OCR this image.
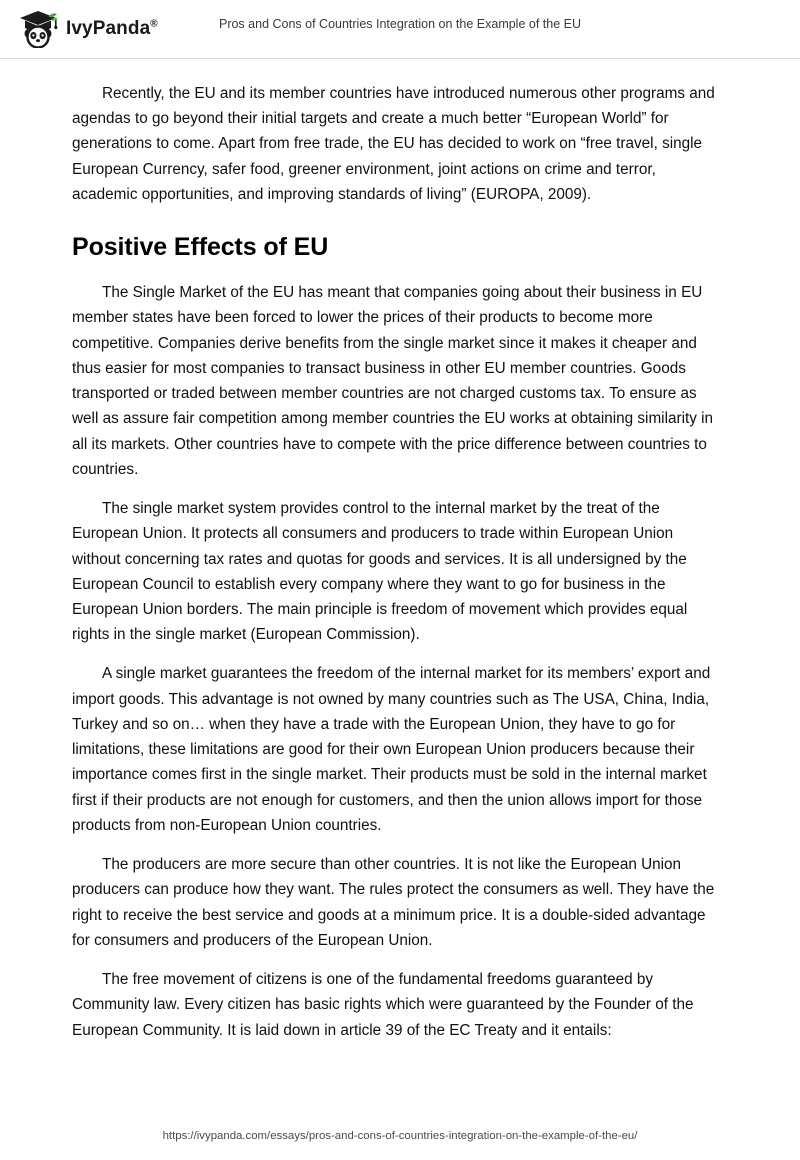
IvyPanda®	Pros and Cons of Countries Integration on the Example of the EU

Recently, the EU and its member countries have introduced numerous other programs and agendas to go beyond their initial targets and create a much better “European World” for generations to come. Apart from free trade, the EU has decided to work on “free travel, single European Currency, safer food, greener environment, joint actions on crime and terror, academic opportunities, and improving standards of living” (EUROPA, 2009).

Positive Effects of EU

The Single Market of the EU has meant that companies going about their business in EU member states have been forced to lower the prices of their products to become more competitive. Companies derive benefits from the single market since it makes it cheaper and thus easier for most companies to transact business in other EU member countries. Goods transported or traded between member countries are not charged customs tax. To ensure as well as assure fair competition among member countries the EU works at obtaining similarity in all its markets. Other countries have to compete with the price difference between countries to countries.

The single market system provides control to the internal market by the treat of the European Union. It protects all consumers and producers to trade within European Union without concerning tax rates and quotas for goods and services. It is all undersigned by the European Council to establish every company where they want to go for business in the European Union borders. The main principle is freedom of movement which provides equal rights in the single market (European Commission).

A single market guarantees the freedom of the internal market for its members’ export and import goods. This advantage is not owned by many countries such as The USA, China, India, Turkey and so on… when they have a trade with the European Union, they have to go for limitations, these limitations are good for their own European Union producers because their importance comes first in the single market. Their products must be sold in the internal market first if their products are not enough for customers, and then the union allows import for those products from non-European Union countries.

The producers are more secure than other countries. It is not like the European Union producers can produce how they want. The rules protect the consumers as well. They have the right to receive the best service and goods at a minimum price. It is a double-sided advantage for consumers and producers of the European Union.

The free movement of citizens is one of the fundamental freedoms guaranteed by Community law. Every citizen has basic rights which were guaranteed by the Founder of the European Community. It is laid down in article 39 of the EC Treaty and it entails:

https://ivypanda.com/essays/pros-and-cons-of-countries-integration-on-the-example-of-the-eu/
